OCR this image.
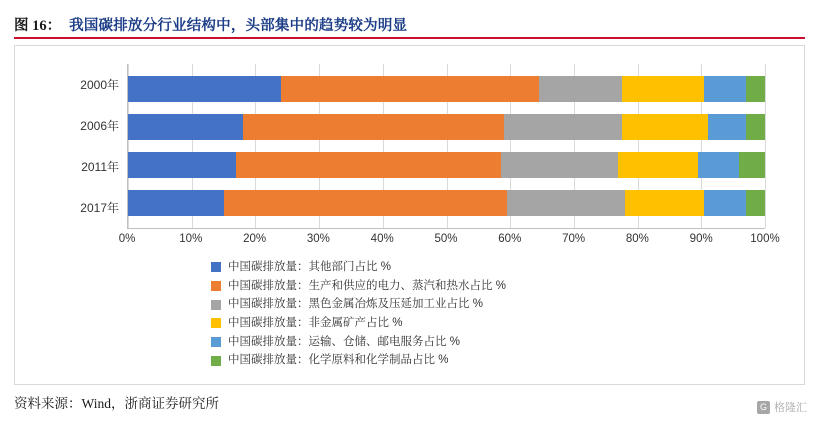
图 16： 我国碳排放分行业结构中，头部集中的趋势较为明显
2000年
2006年
2011年
2017年
0%	10%	20%	30%	40%	50%	60%	70%	80%	90%	100%
中国碳排放量：其他部门占比 %
中国碳排放量：生产和供应的电力、蒸汽和热水占比 %
中国碳排放量：黑色金属冶炼及压延加工业占比 %
中国碳排放量：非金属矿产占比 %
中国碳排放量：运输、仓储、邮电服务占比 %
中国碳排放量：化学原料和化学制品占比 %
资料来源：Wind，浙商证券研究所	G 格隆汇
